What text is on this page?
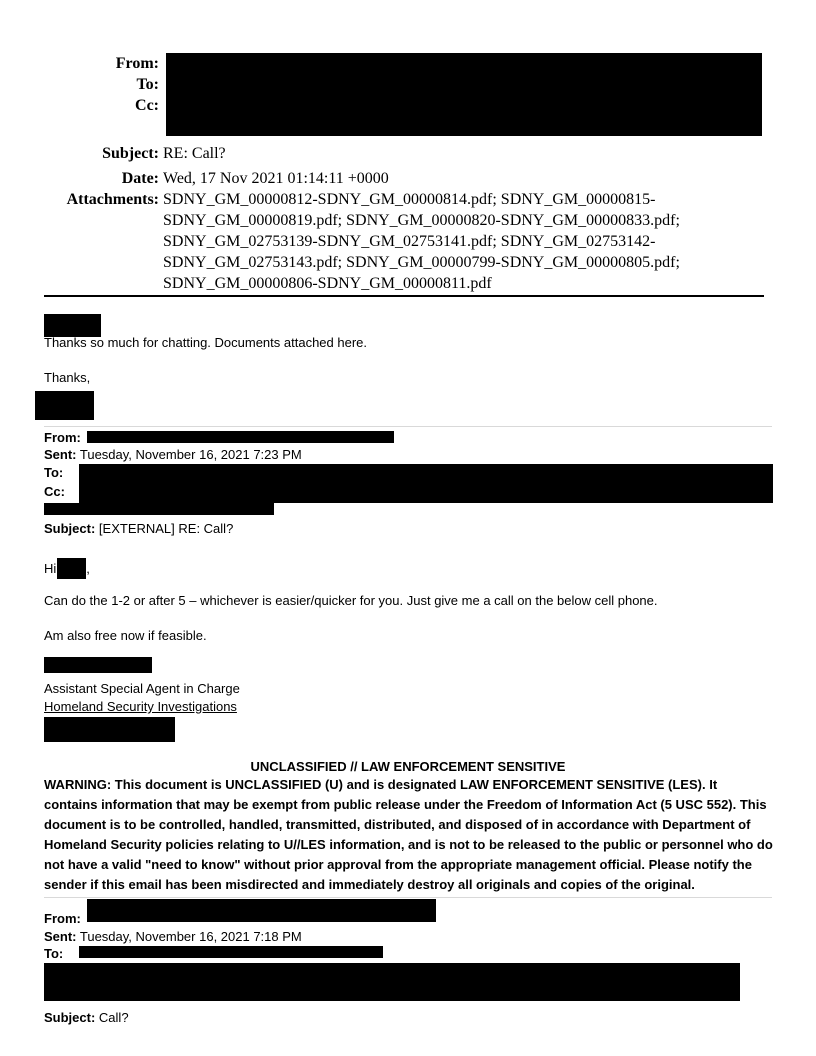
From:
To:
Cc:
Subject: RE: Call?
Date: Wed, 17 Nov 2021 01:14:11 +0000
Attachments: SDNY_GM_00000812-SDNY_GM_00000814.pdf; SDNY_GM_00000815-
SDNY_GM_00000819.pdf; SDNY_GM_00000820-SDNY_GM_00000833.pdf;
SDNY_GM_02753139-SDNY_GM_02753141.pdf; SDNY_GM_02753142-
SDNY_GM_02753143.pdf; SDNY_GM_00000799-SDNY_GM_00000805.pdf;
SDNY_GM_00000806-SDNY_GM_00000811.pdf
Thanks so much for chatting. Documents attached here.
Thanks,
From:
Sent: Tuesday, November 16, 2021 7:23 PM
To:
Cc:
Subject: [EXTERNAL] RE: Call?
Hi ,
Can do the 1-2 or after 5 – whichever is easier/quicker for you. Just give me a call on the below cell phone.
Am also free now if feasible.
Assistant Special Agent in Charge
Homeland Security Investigations
UNCLASSIFIED // LAW ENFORCEMENT SENSITIVE
WARNING: This document is UNCLASSIFIED (U) and is designated LAW ENFORCEMENT SENSITIVE (LES). It contains information that may be exempt from public release under the Freedom of Information Act (5 USC 552). This document is to be controlled, handled, transmitted, distributed, and disposed of in accordance with Department of Homeland Security policies relating to U//LES information, and is not to be released to the public or personnel who do not have a valid "need to know" without prior approval from the appropriate management official. Please notify the sender if this email has been misdirected and immediately destroy all originals and copies of the original.
From:
Sent: Tuesday, November 16, 2021 7:18 PM
To:
Subject: Call?
